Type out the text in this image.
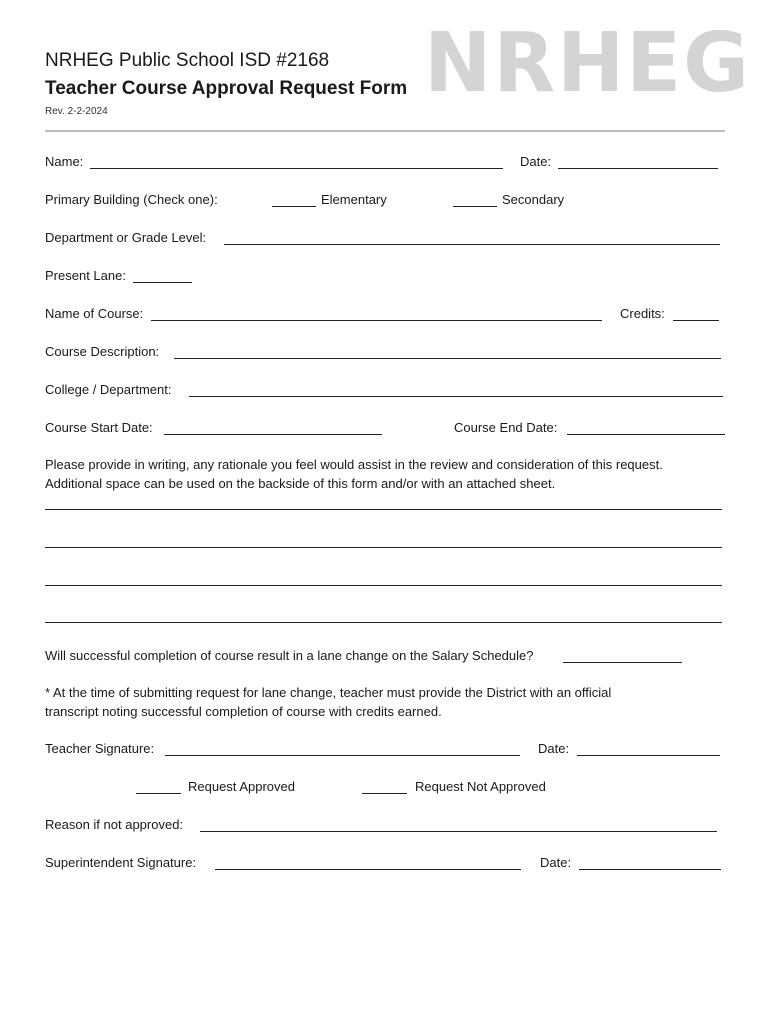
NRHEG Public School ISD #2168
Teacher Course Approval Request Form
Rev. 2-2-2024
NRHEG
Name:	Date:
Primary Building (Check one):	Elementary	Secondary
Department or Grade Level:
Present Lane:
Name of Course:	Credits:
Course Description:
College / Department:
Course Start Date:	Course End Date:
Please provide in writing, any rationale you feel would assist in the review and consideration of this request.
Additional space can be used on the backside of this form and/or with an attached sheet.
Will successful completion of course result in a lane change on the Salary Schedule?
* At the time of submitting request for lane change, teacher must provide the District with an official
transcript noting successful completion of course with credits earned.
Teacher Signature:	Date:
Request Approved	Request Not Approved
Reason if not approved:
Superintendent Signature:	Date:
